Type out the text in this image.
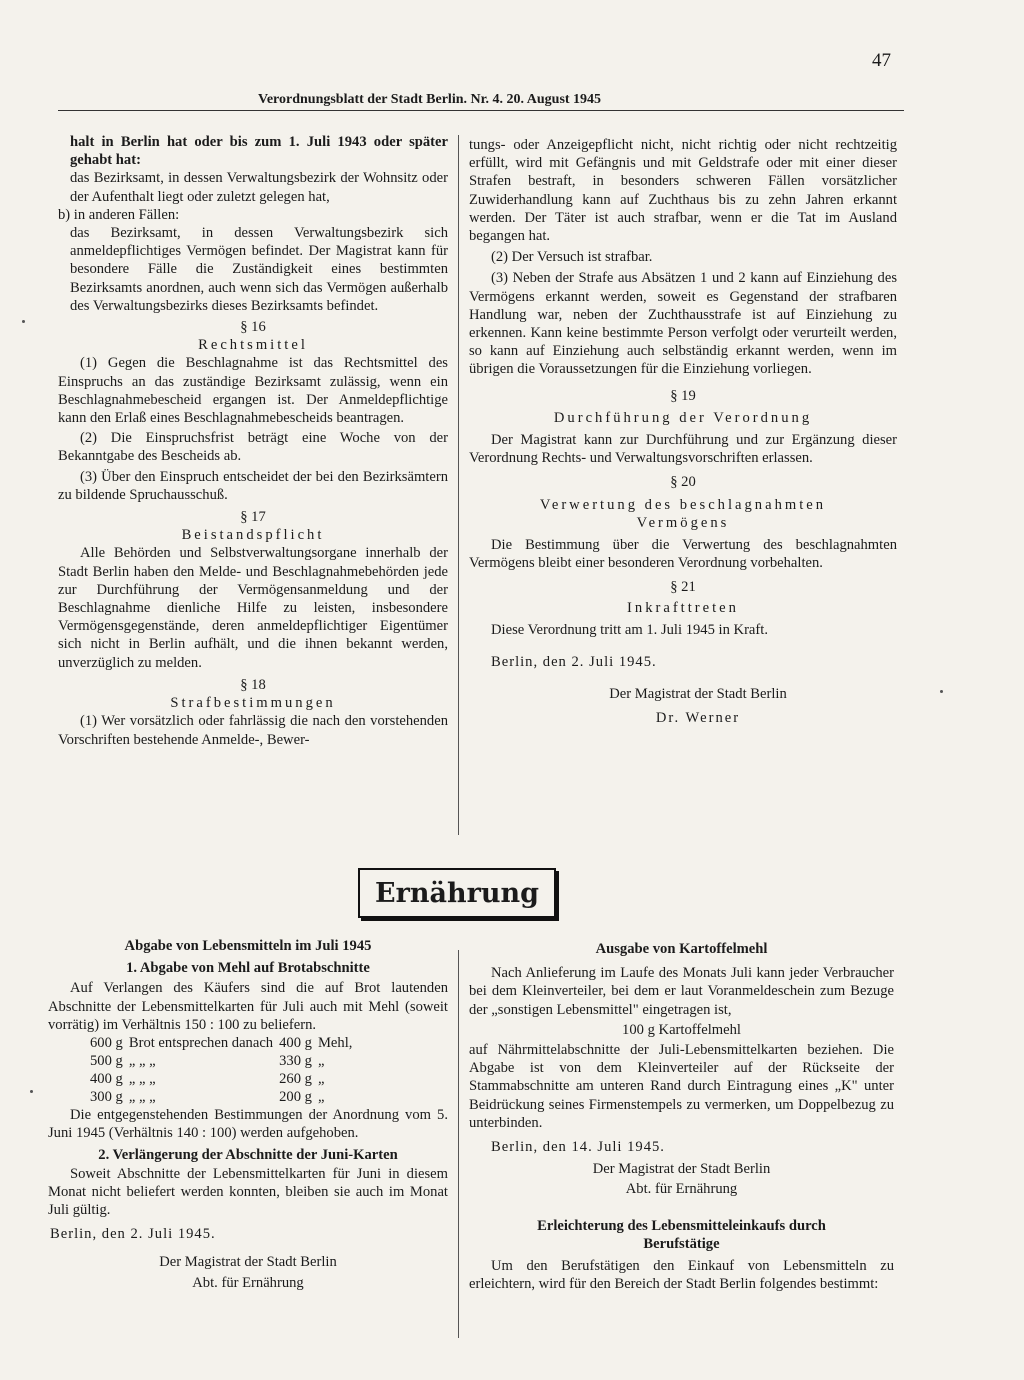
47
Verordnungsblatt der Stadt Berlin. Nr. 4. 20. August 1945

halt in Berlin hat oder bis zum 1. Juli 1943 oder später gehabt hat:

das Bezirksamt, in dessen Verwaltungsbezirk der Wohnsitz oder der Aufenthalt liegt oder zuletzt gelegen hat,

b) in anderen Fällen:

das Bezirksamt, in dessen Verwaltungsbezirk sich anmeldepflichtiges Vermögen befindet. Der Magistrat kann für besondere Fälle die Zuständigkeit eines bestimmten Bezirksamts anordnen, auch wenn sich das Vermögen außerhalb des Verwaltungsbezirks dieses Bezirksamts befindet.

§ 16

Rechtsmittel

(1) Gegen die Beschlagnahme ist das Rechtsmittel des Einspruchs an das zuständige Bezirksamt zulässig, wenn ein Beschlagnahmebescheid ergangen ist. Der Anmeldepflichtige kann den Erlaß eines Beschlagnahmebescheids beantragen.

(2) Die Einspruchsfrist beträgt eine Woche von der Bekanntgabe des Bescheids ab.

(3) Über den Einspruch entscheidet der bei den Bezirksämtern zu bildende Spruchausschuß.

§ 17

Beistandspflicht

Alle Behörden und Selbstverwaltungsorgane innerhalb der Stadt Berlin haben den Melde- und Beschlagnahmebehörden jede zur Durchführung der Vermögensanmeldung und der Beschlagnahme dienliche Hilfe zu leisten, insbesondere Vermögensgegenstände, deren anmeldepflichtiger Eigentümer sich nicht in Berlin aufhält, und die ihnen bekannt werden, unverzüglich zu melden.

§ 18

Strafbestimmungen

(1) Wer vorsätzlich oder fahrlässig die nach den vorstehenden Vorschriften bestehende Anmelde-, Bewer-

tungs- oder Anzeigepflicht nicht, nicht richtig oder nicht rechtzeitig erfüllt, wird mit Gefängnis und mit Geldstrafe oder mit einer dieser Strafen bestraft, in besonders schweren Fällen vorsätzlicher Zuwiderhandlung kann auf Zuchthaus bis zu zehn Jahren erkannt werden. Der Täter ist auch strafbar, wenn er die Tat im Ausland begangen hat.

(2) Der Versuch ist strafbar.

(3) Neben der Strafe aus Absätzen 1 und 2 kann auf Einziehung des Vermögens erkannt werden, soweit es Gegenstand der strafbaren Handlung war, neben der Zuchthausstrafe ist auf Einziehung zu erkennen. Kann keine bestimmte Person verfolgt oder verurteilt werden, so kann auf Einziehung auch selbständig erkannt werden, wenn im übrigen die Voraussetzungen für die Einziehung vorliegen.

§ 19

Durchführung der Verordnung

Der Magistrat kann zur Durchführung und zur Ergänzung dieser Verordnung Rechts- und Verwaltungsvorschriften erlassen.

§ 20

Verwertung des beschlagnahmten

Vermögens

Die Bestimmung über die Verwertung des beschlagnahmten Vermögens bleibt einer besonderen Verordnung vorbehalten.

§ 21

Inkrafttreten

Diese Verordnung tritt am 1. Juli 1945 in Kraft.

Berlin, den 2. Juli 1945.

Der Magistrat der Stadt Berlin

Dr. Werner

Ernährung

Abgabe von Lebensmitteln im Juli 1945

1. Abgabe von Mehl auf Brotabschnitte

Auf Verlangen des Käufers sind die auf Brot lautenden Abschnitte der Lebensmittelkarten für Juli auch mit Mehl (soweit vorrätig) im Verhältnis 150 : 100 zu beliefern.

600 g	Brot entsprechen danach	400 g	Mehl,
500 g	„ „ „	330 g	„
400 g	„ „ „	260 g	„
300 g	„ „ „	200 g	„

Die entgegenstehenden Bestimmungen der Anordnung vom 5. Juni 1945 (Verhältnis 140 : 100) werden aufgehoben.

2. Verlängerung der Abschnitte der Juni-Karten

Soweit Abschnitte der Lebensmittelkarten für Juni in diesem Monat nicht beliefert werden konnten, bleiben sie auch im Monat Juli gültig.

Berlin, den 2. Juli 1945.

Der Magistrat der Stadt Berlin

Abt. für Ernährung

Ausgabe von Kartoffelmehl

Nach Anlieferung im Laufe des Monats Juli kann jeder Verbraucher bei dem Kleinverteiler, bei dem er laut Voranmeldeschein zum Bezuge der „sonstigen Lebensmittel" eingetragen ist,

100 g Kartoffelmehl

auf Nährmittelabschnitte der Juli-Lebensmittelkarten beziehen. Die Abgabe ist von dem Kleinverteiler auf der Rückseite der Stammabschnitte am unteren Rand durch Eintragung eines „K" unter Beidrückung seines Firmenstempels zu vermerken, um Doppelbezug zu unterbinden.

Berlin, den 14. Juli 1945.

Der Magistrat der Stadt Berlin

Abt. für Ernährung

Erleichterung des Lebensmitteleinkaufs durch

Berufstätige

Um den Berufstätigen den Einkauf von Lebensmitteln zu erleichtern, wird für den Bereich der Stadt Berlin folgendes bestimmt:
